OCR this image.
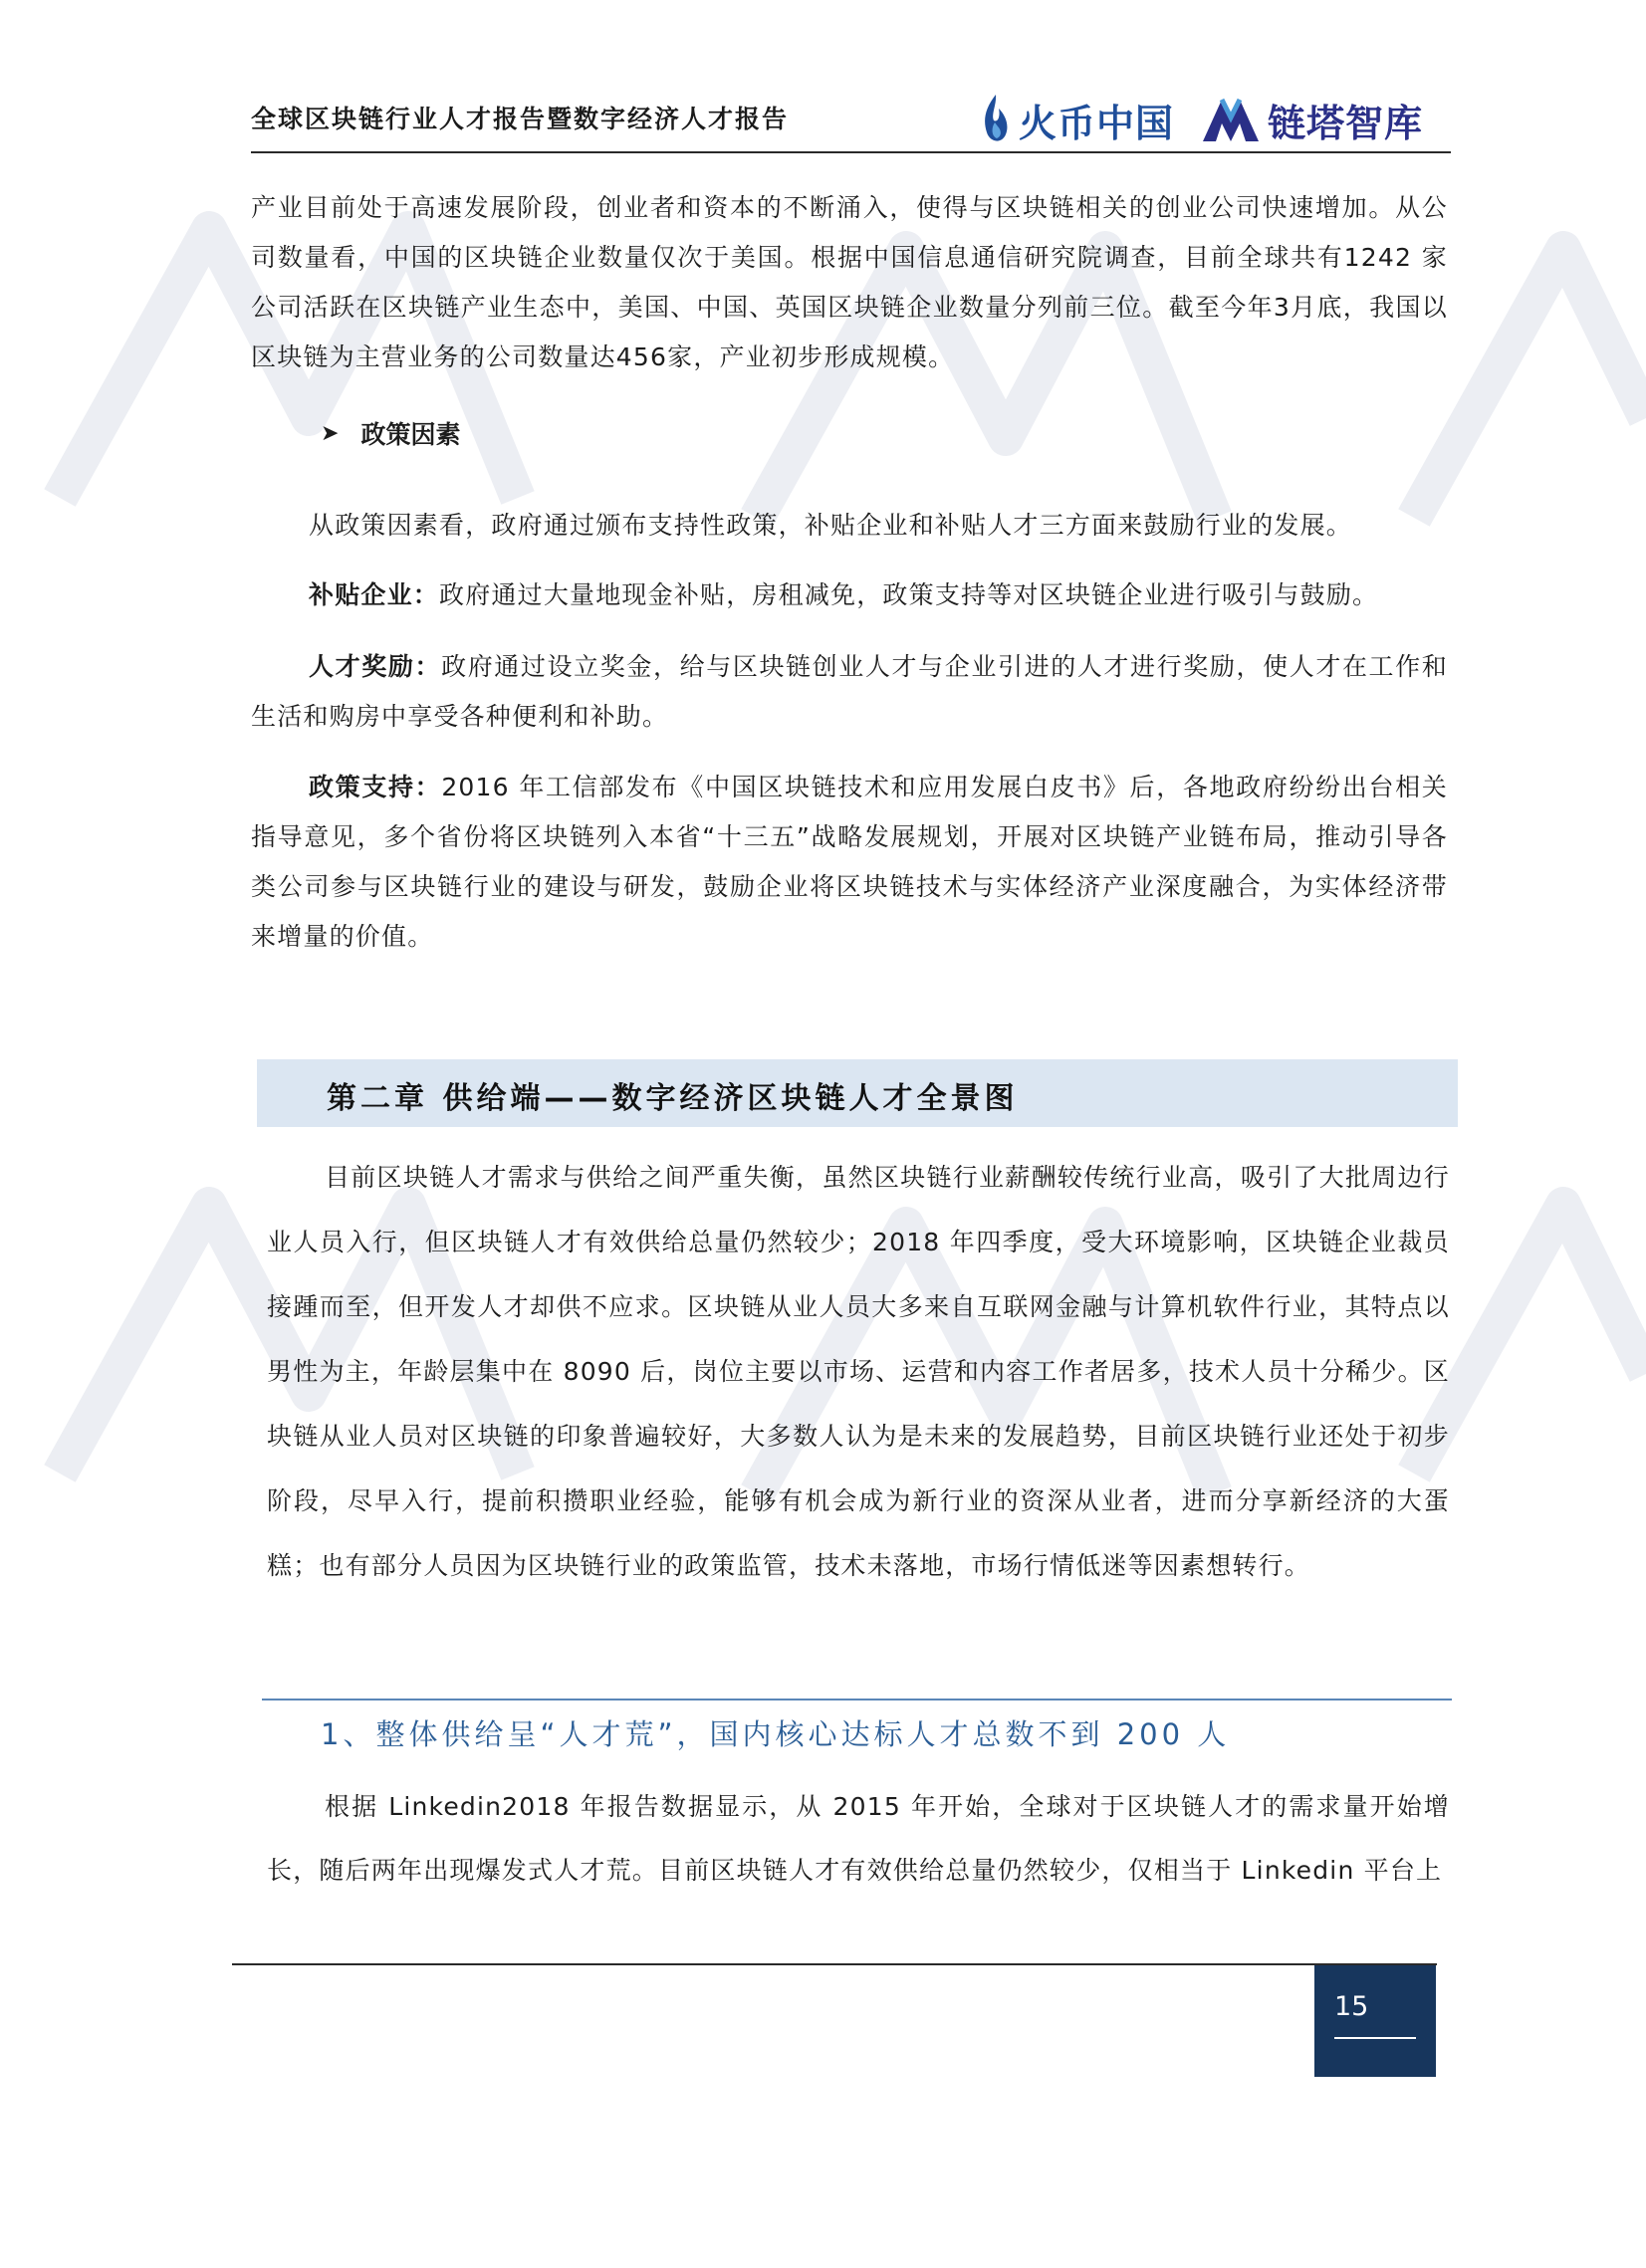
全球区块链行业人才报告暨数字经济人才报告	火币中国 链塔智库

产业目前处于高速发展阶段，创业者和资本的不断涌入，使得与区块链相关的创业公司快速增加。从公司数量看，中国的区块链企业数量仅次于美国。根据中国信息通信研究院调查，目前全球共有1242 家公司活跃在区块链产业生态中，美国、中国、英国区块链企业数量分列前三位。截至今年3月底，我国以区块链为主营业务的公司数量达456家，产业初步形成规模。

➤ 政策因素

从政策因素看，政府通过颁布支持性政策，补贴企业和补贴人才三方面来鼓励行业的发展。

补贴企业：政府通过大量地现金补贴，房租减免，政策支持等对区块链企业进行吸引与鼓励。

人才奖励：政府通过设立奖金，给与区块链创业人才与企业引进的人才进行奖励，使人才在工作和生活和购房中享受各种便利和补助。

政策支持：2016 年工信部发布《中国区块链技术和应用发展白皮书》后，各地政府纷纷出台相关指导意见，多个省份将区块链列入本省“十三五”战略发展规划，开展对区块链产业链布局，推动引导各类公司参与区块链行业的建设与研发，鼓励企业将区块链技术与实体经济产业深度融合，为实体经济带来增量的价值。

第二章 供给端——数字经济区块链人才全景图

目前区块链人才需求与供给之间严重失衡，虽然区块链行业薪酬较传统行业高，吸引了大批周边行业人员入行，但区块链人才有效供给总量仍然较少；2018 年四季度，受大环境影响，区块链企业裁员接踵而至，但开发人才却供不应求。区块链从业人员大多来自互联网金融与计算机软件行业，其特点以男性为主，年龄层集中在 8090 后，岗位主要以市场、运营和内容工作者居多，技术人员十分稀少。区块链从业人员对区块链的印象普遍较好，大多数人认为是未来的发展趋势，目前区块链行业还处于初步阶段，尽早入行，提前积攒职业经验，能够有机会成为新行业的资深从业者，进而分享新经济的大蛋糕；也有部分人员因为区块链行业的政策监管，技术未落地，市场行情低迷等因素想转行。

1、整体供给呈“人才荒”，国内核心达标人才总数不到 200 人

根据 Linkedin2018 年报告数据显示，从 2015 年开始，全球对于区块链人才的需求量开始增长，随后两年出现爆发式人才荒。目前区块链人才有效供给总量仍然较少，仅相当于 Linkedin 平台上

15
